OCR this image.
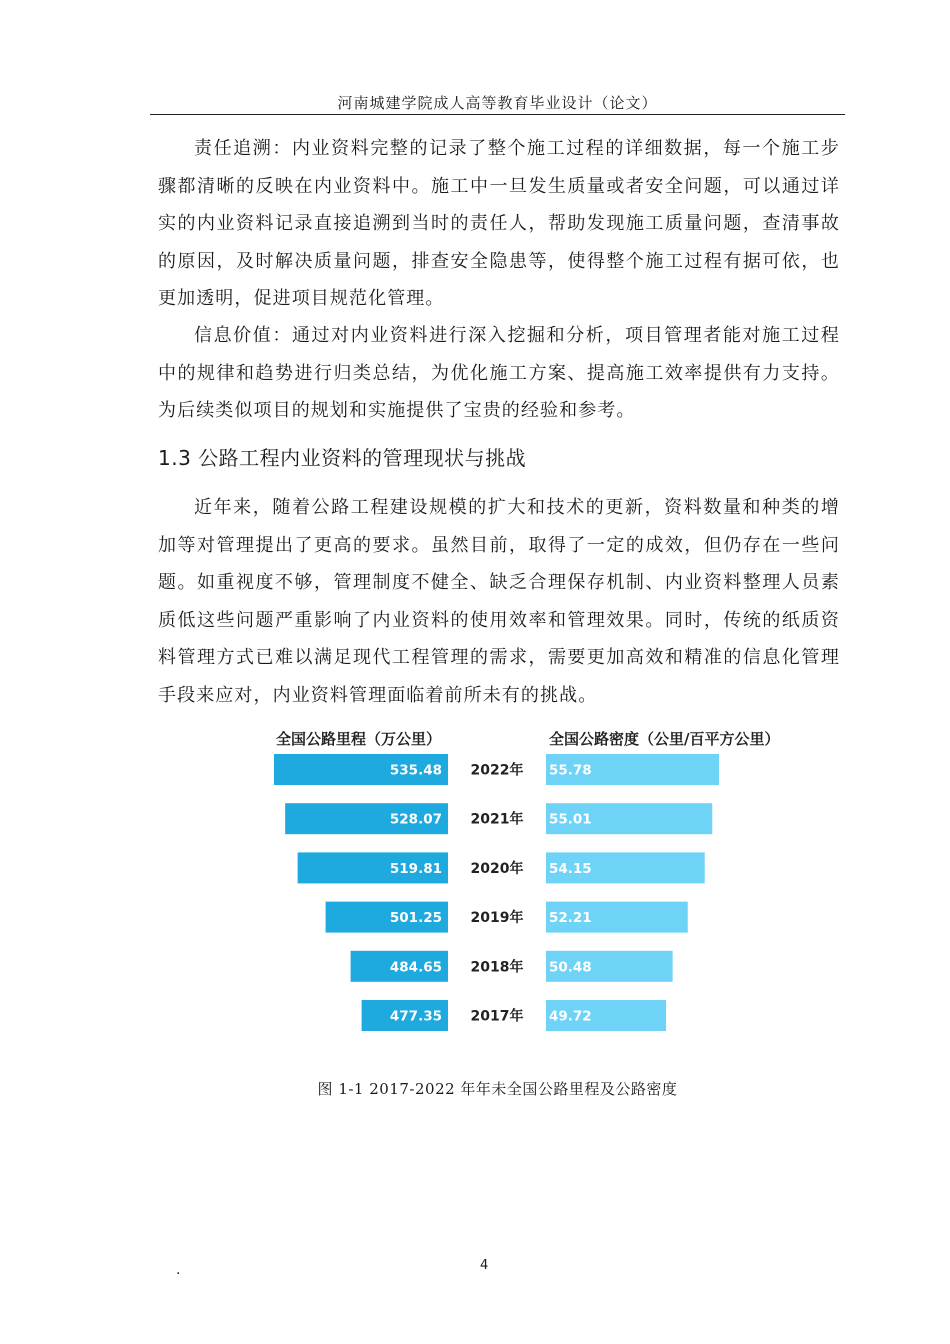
河南城建学院成人高等教育毕业设计（论文）

责任追溯：内业资料完整的记录了整个施工过程的详细数据，每一个施工步骤都清晰的反映在内业资料中。施工中一旦发生质量或者安全问题，可以通过详实的内业资料记录直接追溯到当时的责任人，帮助发现施工质量问题，查清事故的原因，及时解决质量问题，排查安全隐患等，使得整个施工过程有据可依，也更加透明，促进项目规范化管理。

信息价值：通过对内业资料进行深入挖掘和分析，项目管理者能对施工过程中的规律和趋势进行归类总结，为优化施工方案、提高施工效率提供有力支持。为后续类似项目的规划和实施提供了宝贵的经验和参考。

1.3 公路工程内业资料的管理现状与挑战

近年来，随着公路工程建设规模的扩大和技术的更新，资料数量和种类的增加等对管理提出了更高的要求。虽然目前，取得了一定的成效，但仍存在一些问题。如重视度不够，管理制度不健全、缺乏合理保存机制、内业资料整理人员素质低这些问题严重影响了内业资料的使用效率和管理效果。同时，传统的纸质资料管理方式已难以满足现代工程管理的需求，需要更加高效和精准的信息化管理手段来应对，内业资料管理面临着前所未有的挑战。

全国公路里程（万公里）	全国公路密度（公里/百平方公里）
535.48 2022年 55.78
528.07 2021年 55.01
519.81 2020年 54.15
501.25 2019年 52.21
484.65 2018年 50.48
477.35 2017年 49.72
图 1-1 2017-2022 年年未全国公路里程及公路密度
.	4
